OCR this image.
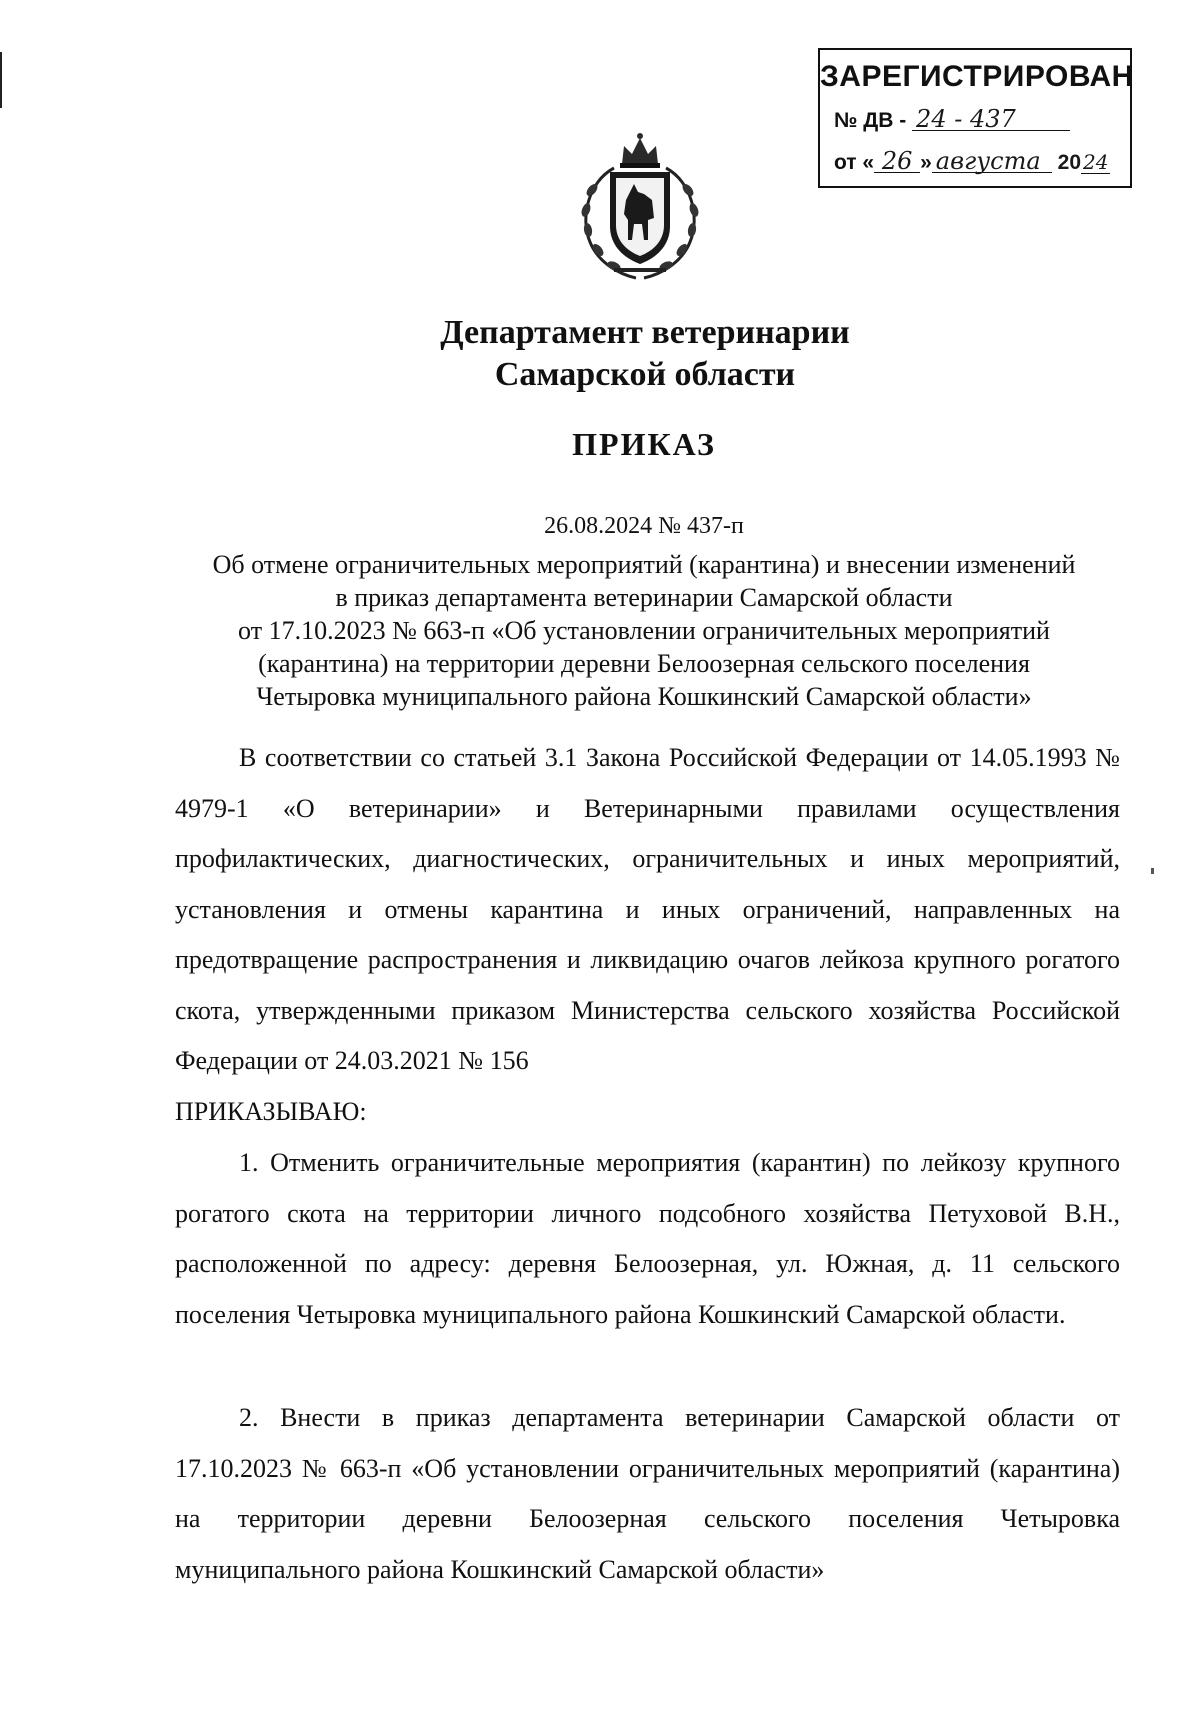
ЗАРЕГИСТРИРОВАН
№ ДВ - 24 - 437
от « 26 » августа 20 24
Департамент ветеринарии
Самарской области
ПРИКАЗ
26.08.2024 № 437-п
Об отмене ограничительных мероприятий (карантина) и внесении изменений
в приказ департамента ветеринарии Самарской области
от 17.10.2023 № 663-п «Об установлении ограничительных мероприятий
(карантина) на территории деревни Белоозерная сельского поселения
Четыровка муниципального района Кошкинский Самарской области»

В соответствии со статьей 3.1 Закона Российской Федерации от 14.05.1993 № 4979-1 «О ветеринарии» и Ветеринарными правилами осуществления профилактических, диагностических, ограничительных и иных мероприятий, установления и отмены карантина и иных ограничений, направленных на предотвращение распространения и ликвидацию очагов лейкоза крупного рогатого скота, утвержденными приказом Министерства сельского хозяйства Российской Федерации от 24.03.2021 № 156

ПРИКАЗЫВАЮ:

1. Отменить ограничительные мероприятия (карантин) по лейкозу крупного рогатого скота на территории личного подсобного хозяйства Петуховой В.Н., расположенной по адресу: деревня Белоозерная, ул. Южная, д. 11 сельского поселения Четыровка муниципального района Кошкинский Самарской области.

2. Внести в приказ департамента ветеринарии Самарской области от 17.10.2023 № 663-п «Об установлении ограничительных мероприятий (карантина) на территории деревни Белоозерная сельского поселения Четыровка муниципального района Кошкинский Самарской области»
